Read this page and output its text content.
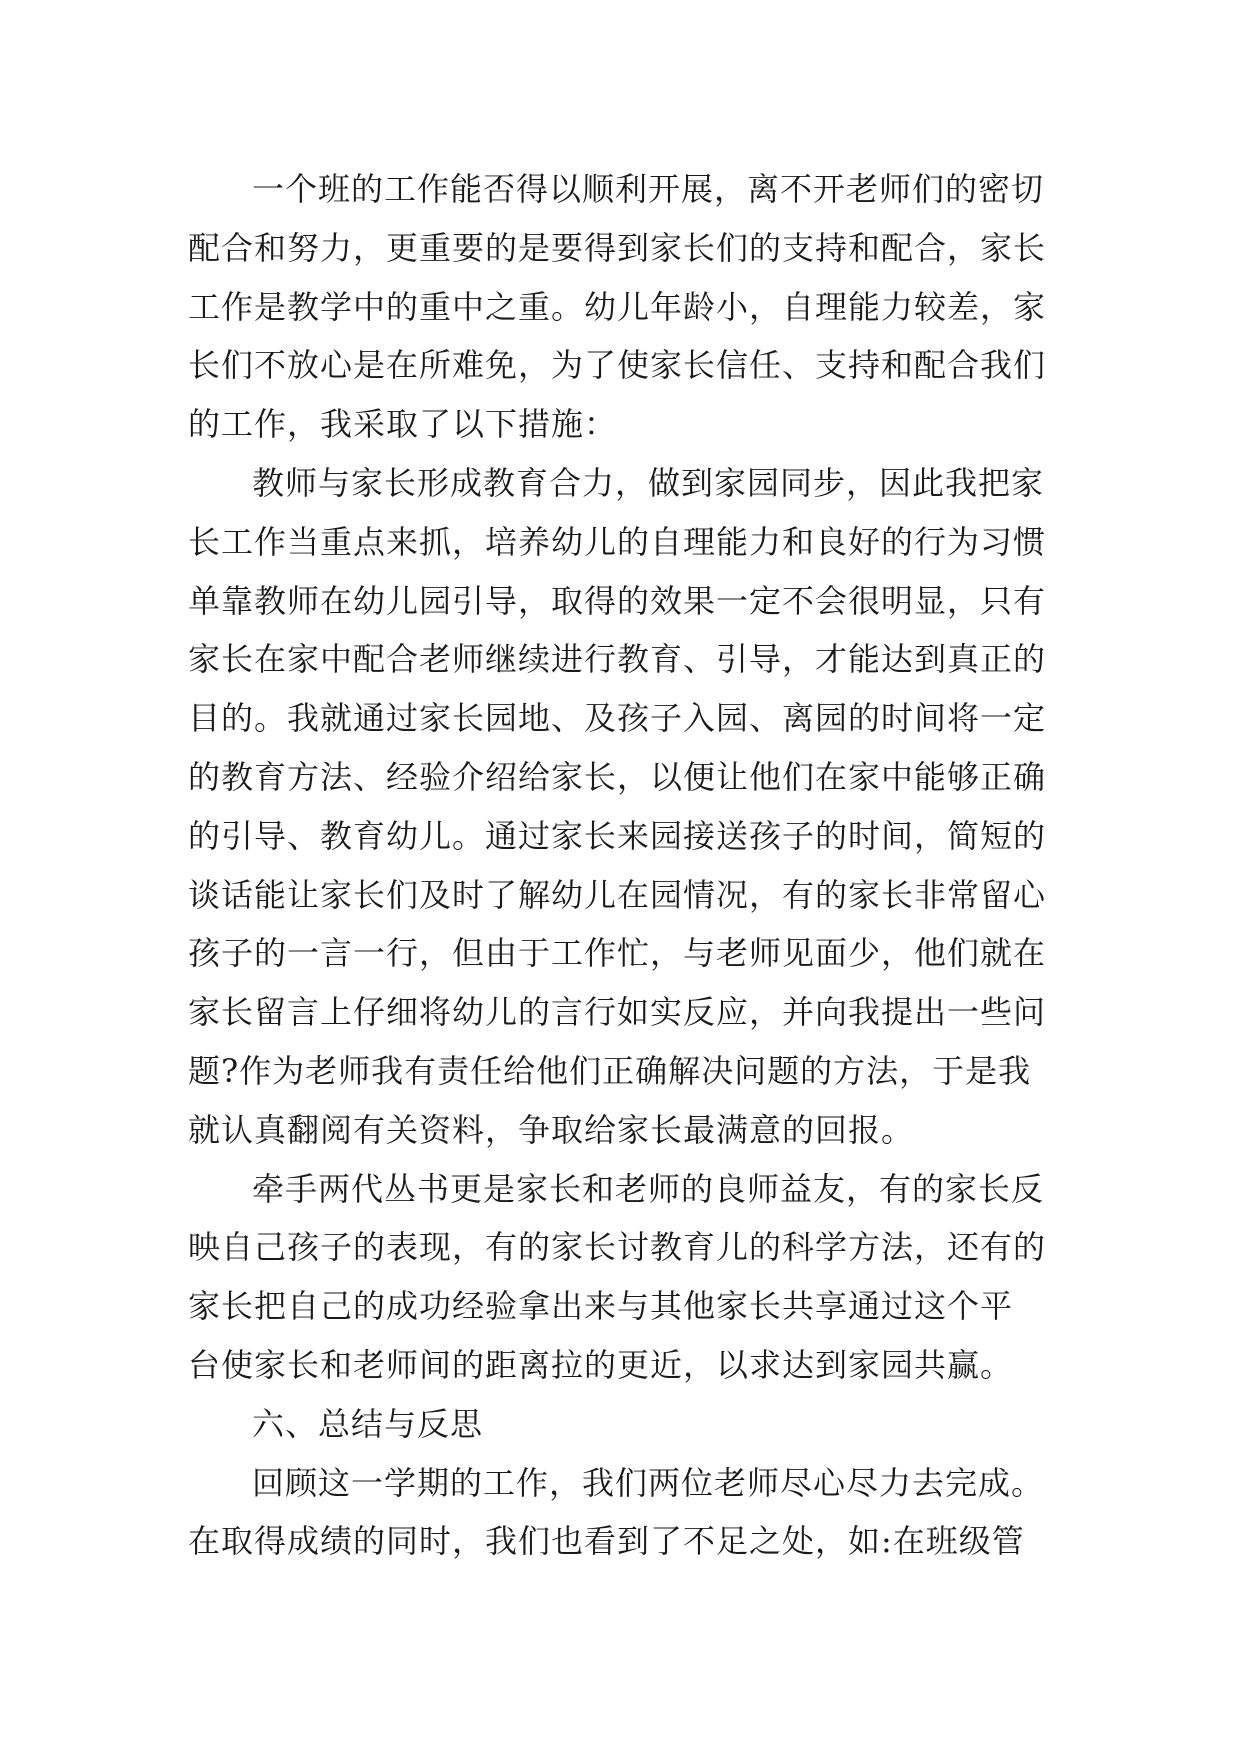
一个班的工作能否得以顺利开展，离不开老师们的密切
配合和努力，更重要的是要得到家长们的支持和配合，家长
工作是教学中的重中之重。幼儿年龄小，自理能力较差，家
长们不放心是在所难免，为了使家长信任、支持和配合我们
的工作，我采取了以下措施：
教师与家长形成教育合力，做到家园同步，因此我把家
长工作当重点来抓，培养幼儿的自理能力和良好的行为习惯
单靠教师在幼儿园引导，取得的效果一定不会很明显，只有
家长在家中配合老师继续进行教育、引导，才能达到真正的
目的。我就通过家长园地、及孩子入园、离园的时间将一定
的教育方法、经验介绍给家长，以便让他们在家中能够正确
的引导、教育幼儿。通过家长来园接送孩子的时间，简短的
谈话能让家长们及时了解幼儿在园情况，有的家长非常留心
孩子的一言一行，但由于工作忙，与老师见面少，他们就在
家长留言上仔细将幼儿的言行如实反应，并向我提出一些问
题?作为老师我有责任给他们正确解决问题的方法，于是我
就认真翻阅有关资料，争取给家长最满意的回报。
牵手两代丛书更是家长和老师的良师益友，有的家长反
映自己孩子的表现，有的家长讨教育儿的科学方法，还有的
家长把自己的成功经验拿出来与其他家长共享通过这个平
台使家长和老师间的距离拉的更近，以求达到家园共赢。
六、总结与反思
回顾这一学期的工作，我们两位老师尽心尽力去完成。
在取得成绩的同时，我们也看到了不足之处，如:在班级管
